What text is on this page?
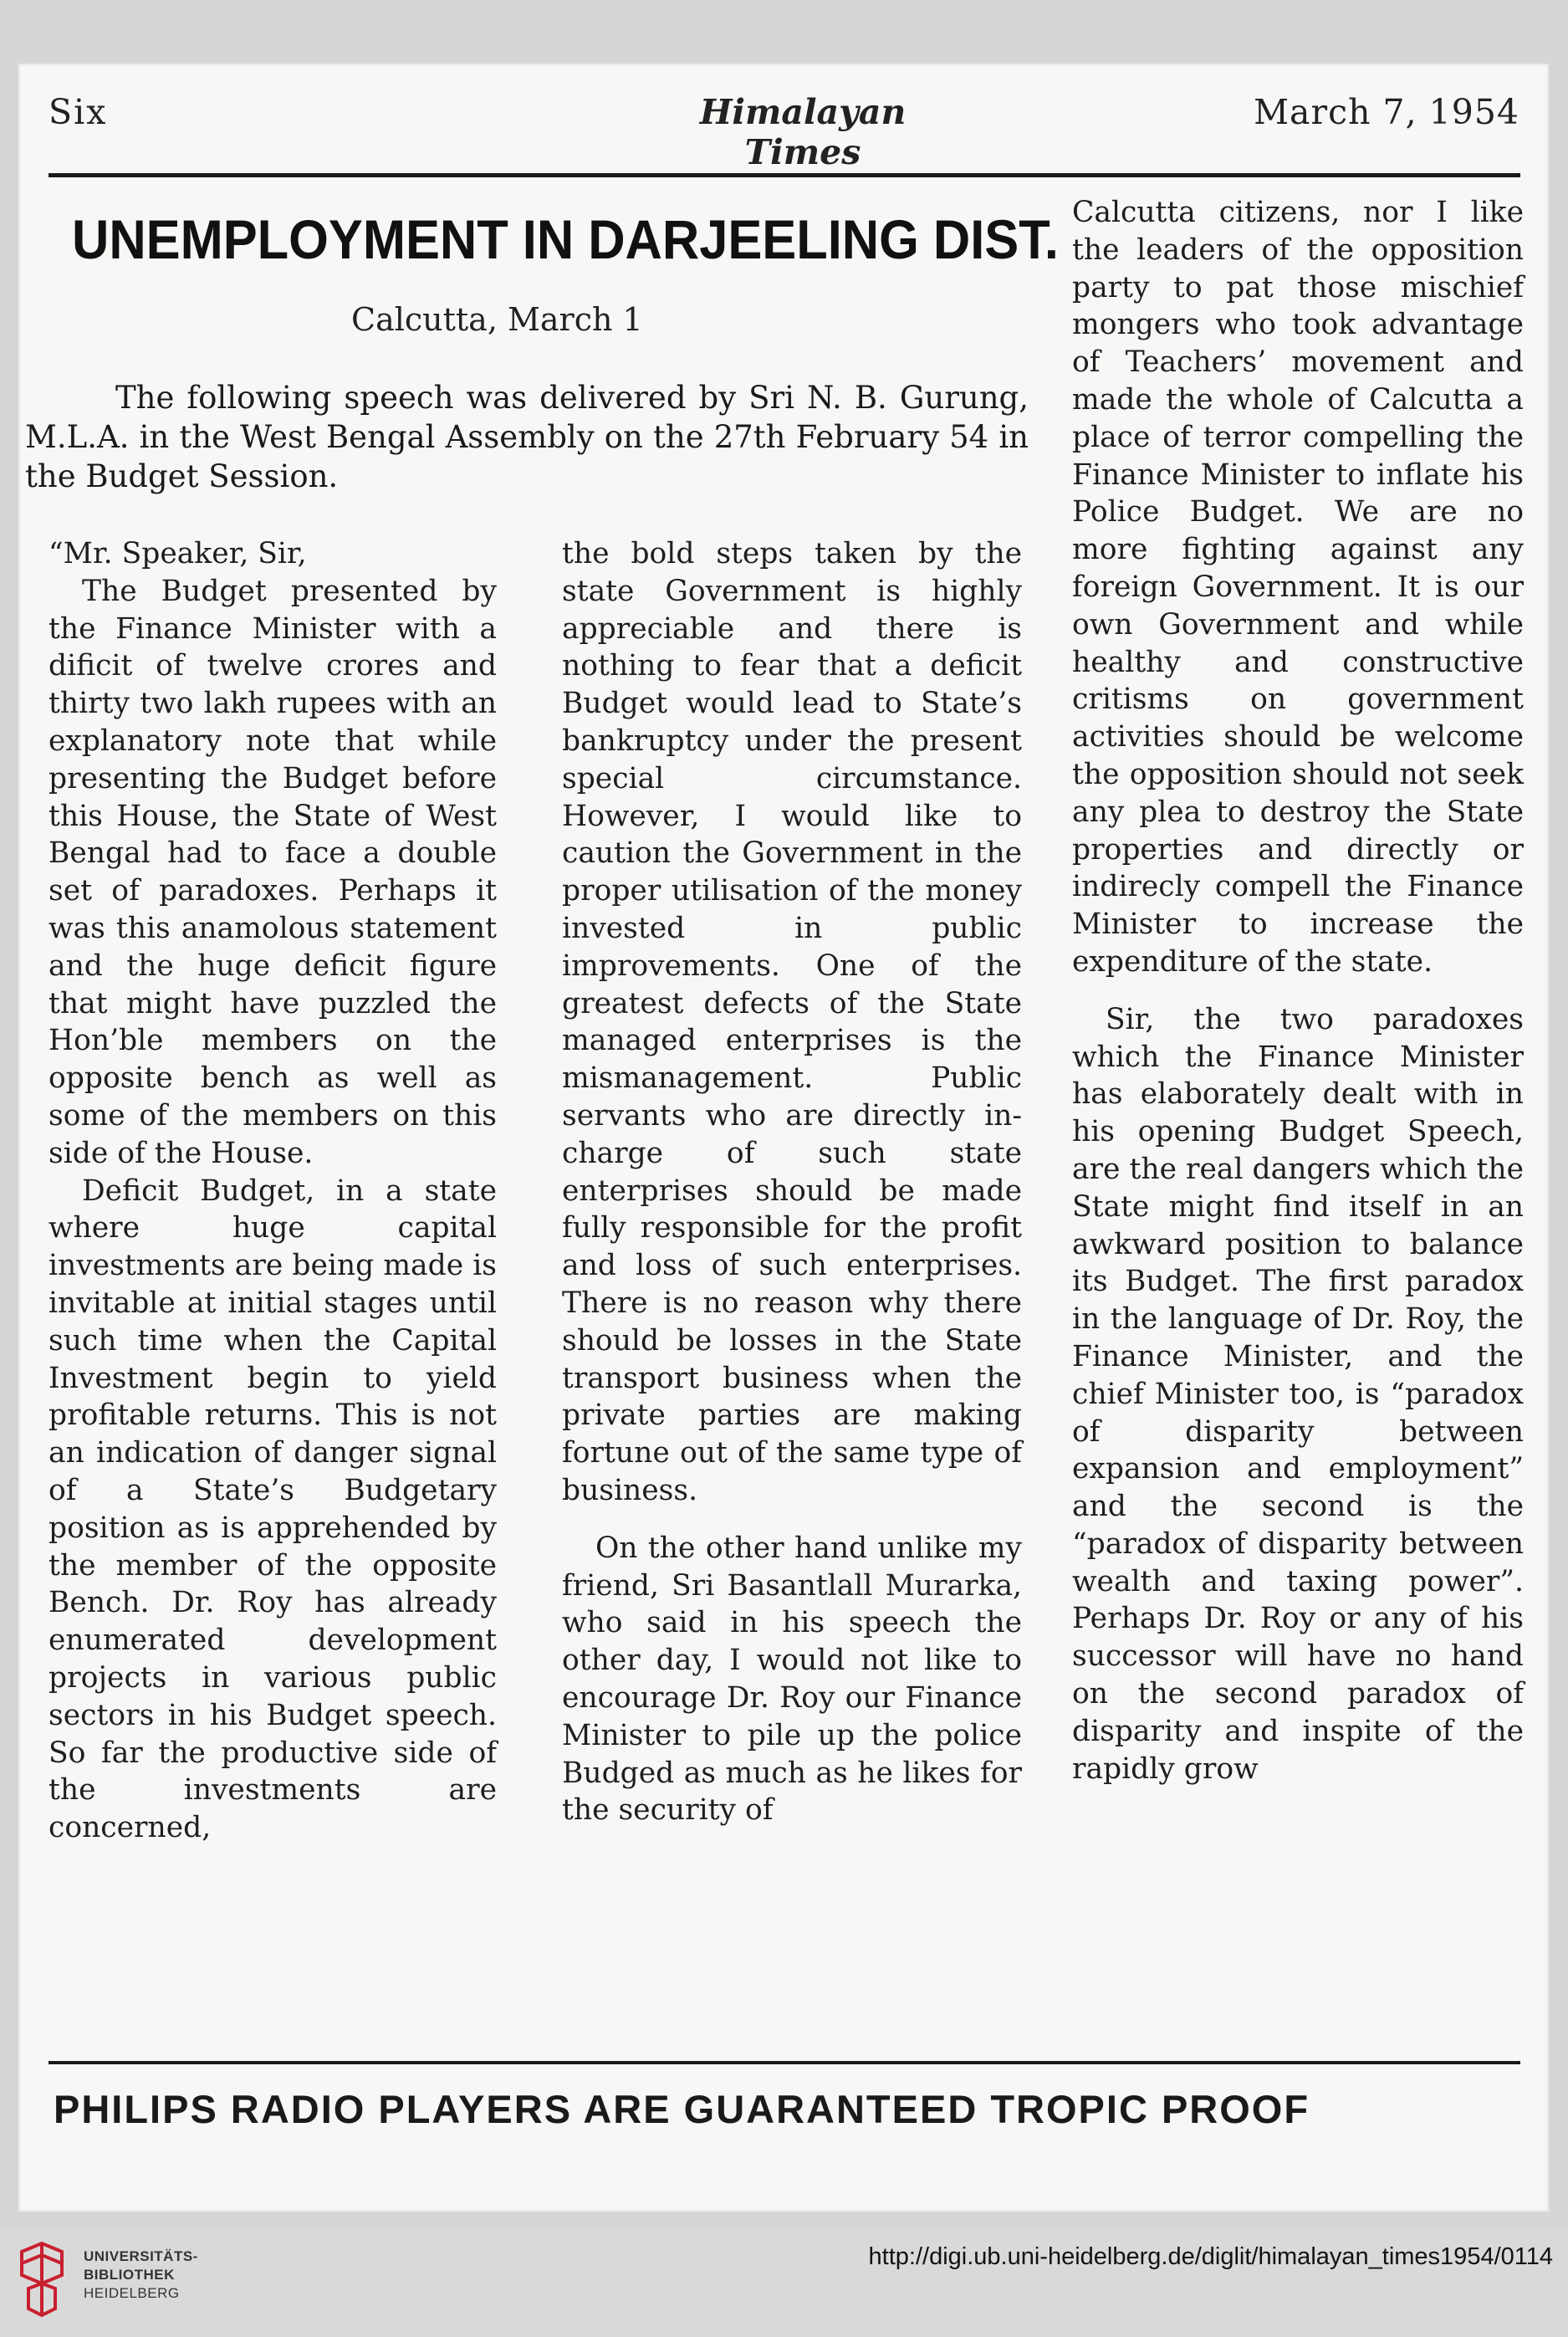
Six	Himalayan Times
March 7, 1954
UNEMPLOYMENT IN DARJEELING DIST.
Calcutta, March 1

The following speech was delivered by Sri N. B. Gurung, M.L.A. in the West Bengal Assembly on the 27th February 54 in the Budget Session.

“Mr. Speaker, Sir,

The Budget presented by the Finance Minister with a dificit of twelve crores and thirty two lakh rupees with an explanatory note that while presenting the Budget before this House, the State of West Bengal had to face a double set of paradoxes. Perhaps it was this anamolous statement and the huge deficit figure that might have puzzled the Hon’ble members on the opposite bench as well as some of the members on this side of the House.

Deficit Budget, in a state where huge capital investments are being made is invitable at initial stages until such time when the Capital Investment begin to yield profitable returns. This is not an indication of danger signal of a State’s Budgetary position as is apprehended by the member of the opposite Bench. Dr. Roy has already enumerated development projects in various public sectors in his Budget speech. So far the productive side of the investments are concerned,

the bold steps taken by the state Government is highly appreciable and there is nothing to fear that a deficit Budget would lead to State’s bankruptcy under the present special circumstance. However, I would like to caution the Government in the proper utilisation of the money invested in public improvements. One of the greatest defects of the State managed enterprises is the mismanagement. Public servants who are directly in-charge of such state enterprises should be made fully responsible for the profit and loss of such enterprises. There is no reason why there should be losses in the State transport business when the private parties are making fortune out of the same type of business.

On the other hand unlike my friend, Sri Basantlall Murarka, who said in his speech the other day, I would not like to encourage Dr. Roy our Finance Minister to pile up the police Budged as much as he likes for the security of

Calcutta citizens, nor I like the leaders of the opposition party to pat those mischief mongers who took advantage of Teachers’ movement and made the whole of Calcutta a place of terror compelling the Finance Minister to inflate his Police Budget. We are no more fighting against any foreign Government. It is our own Government and while healthy and constructive critisms on government activities should be welcome the opposition should not seek any plea to destroy the State properties and directly or indirecly compell the Finance Minister to increase the expenditure of the state.

Sir, the two paradoxes which the Finance Minister has elaborately dealt with in his opening Budget Speech, are the real dangers which the State might find itself in an awkward position to balance its Budget. The first paradox in the language of Dr. Roy, the Finance Minister, and the chief Minister too, is “paradox of disparity between expansion and employment” and the second is the “paradox of disparity between wealth and taxing power”. Perhaps Dr. Roy or any of his successor will have no hand on the second paradox of disparity and inspite of the rapidly grow

PHILIPS RADIO PLAYERS ARE GUARANTEED TROPIC PROOF
UNIVERSITÄTS-
BIBLIOTHEK
HEIDELBERG
http://digi.ub.uni-heidelberg.de/diglit/himalayan_times1954/0114
